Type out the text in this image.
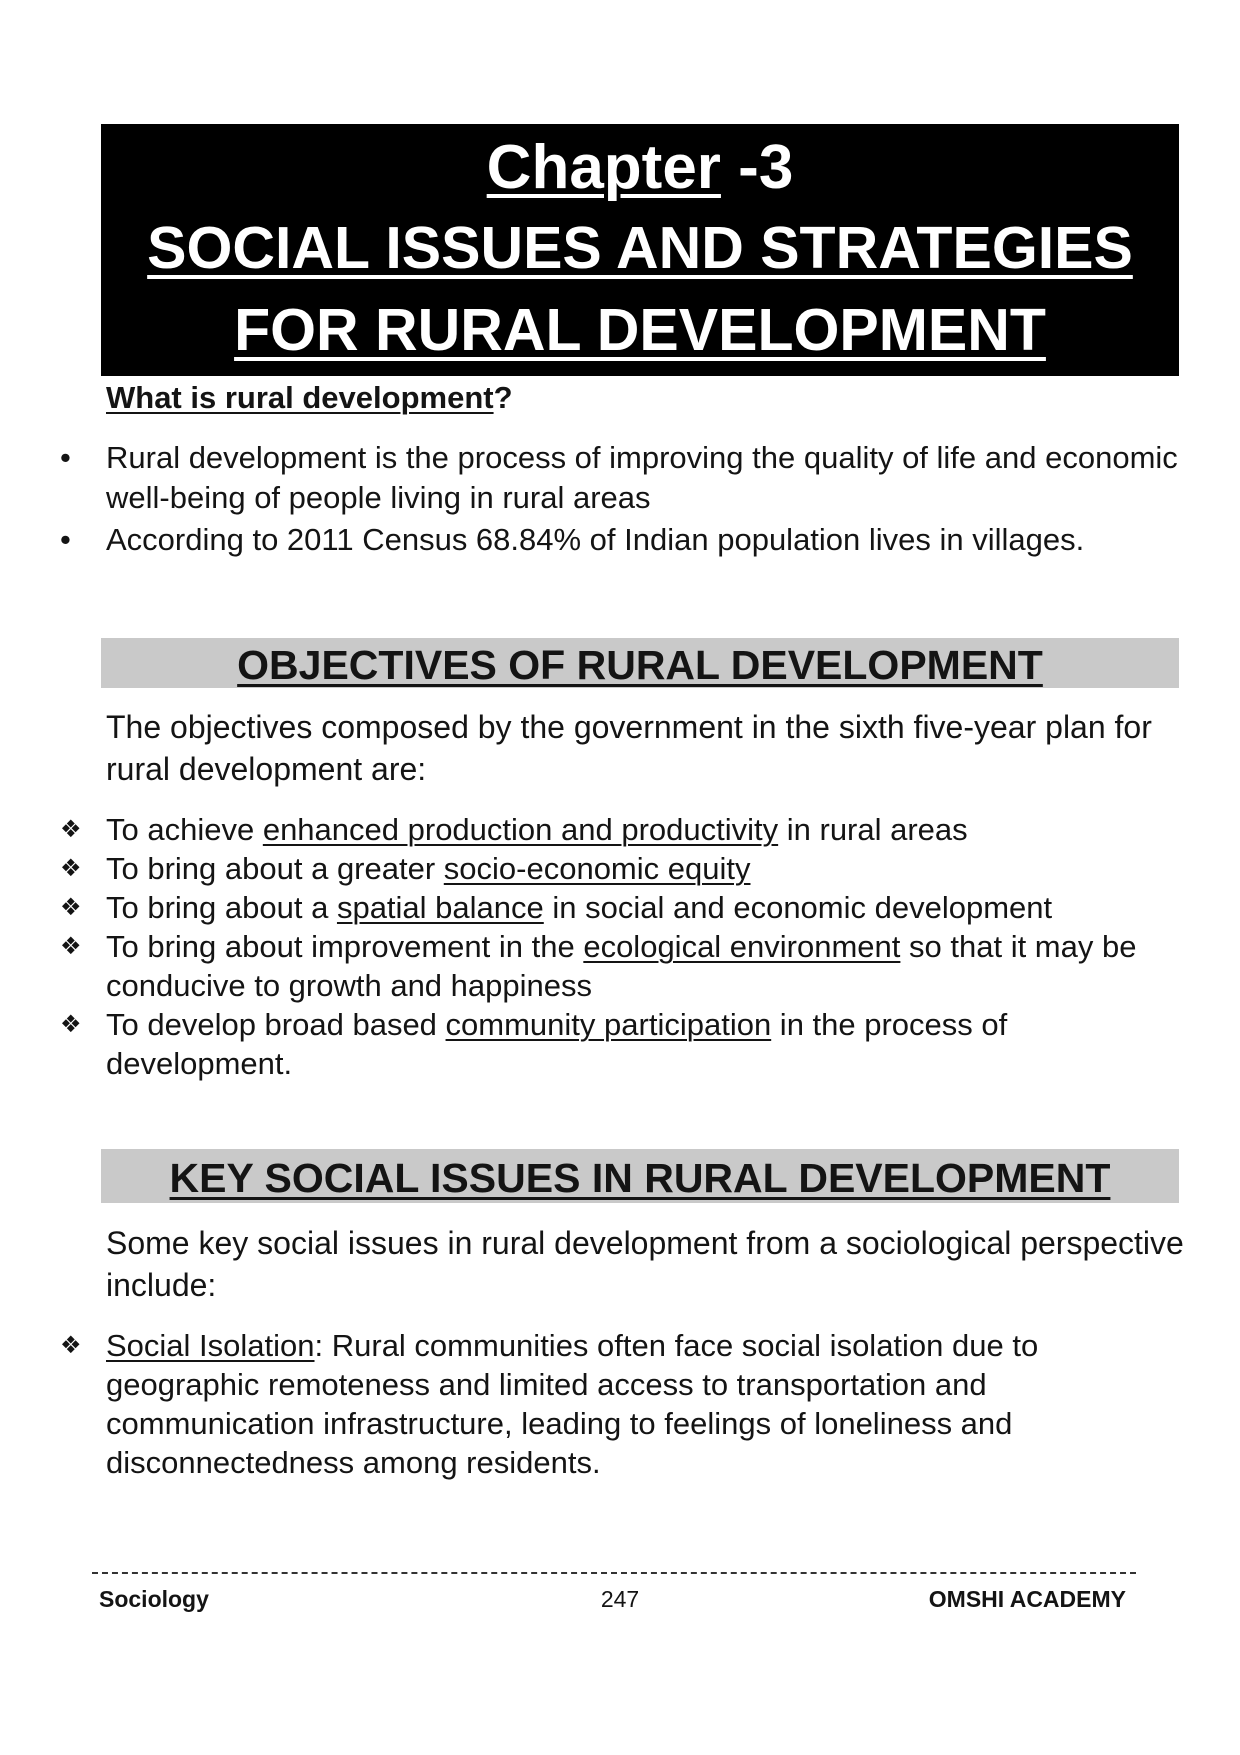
Chapter -3
SOCIAL ISSUES AND STRATEGIES
FOR RURAL DEVELOPMENT
What is rural development?
•	Rural development is the process of improving the quality of life and economic well-being of people living in rural areas
•	According to 2011 Census 68.84% of Indian population lives in villages.
OBJECTIVES OF RURAL DEVELOPMENT

The objectives composed by the government in the sixth five-year plan for rural development are:

❖ To achieve enhanced production and productivity in rural areas
❖ To bring about a greater socio-economic equity
❖ To bring about a spatial balance in social and economic development
❖ To bring about improvement in the ecological environment so that it may be conducive to growth and happiness
❖ To develop broad based community participation in the process of development.
KEY SOCIAL ISSUES IN RURAL DEVELOPMENT

Some key social issues in rural development from a sociological perspective include:

❖ Social Isolation: Rural communities often face social isolation due to geographic remoteness and limited access to transportation and communication infrastructure, leading to feelings of loneliness and disconnectedness among residents.
247
Sociology	OMSHI ACADEMY
